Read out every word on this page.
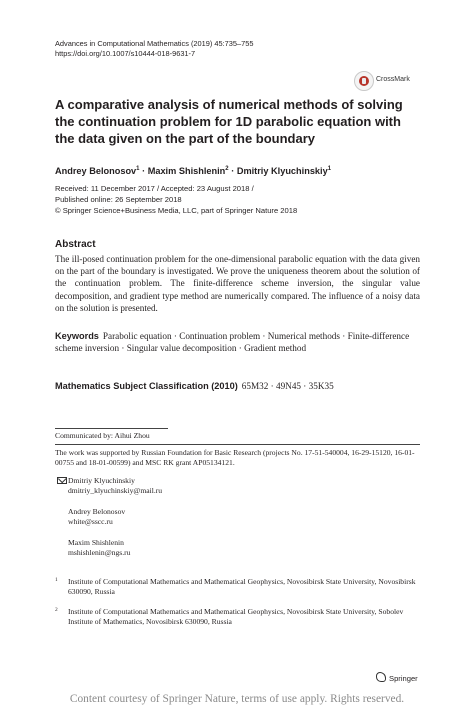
Advances in Computational Mathematics (2019) 45:735–755
https://doi.org/10.1007/s10444-018-9631-7
CrossMark
A comparative analysis of numerical methods of solving the continuation problem for 1D parabolic equation with the data given on the part of the boundary
Andrey Belonosov$^1$ · Maxim Shishlenin$^2$ · Dmitriy Klyuchinskiy$^1$
Received: 11 December 2017 / Accepted: 23 August 2018 /
Published online: 26 September 2018
© Springer Science+Business Media, LLC, part of Springer Nature 2018
Abstract
The ill-posed continuation problem for the one-dimensional parabolic equation with the data given on the part of the boundary is investigated. We prove the uniqueness theorem about the solution of the continuation problem. The finite-difference scheme inversion, the singular value decomposition, and gradient type method are numerically compared. The influence of a noisy data on the solution is presented.
Keywords Parabolic equation · Continuation problem · Numerical methods · Finite-difference scheme inversion · Singular value decomposition · Gradient method
Mathematics Subject Classification (2010) 65M32 · 49N45 · 35K35
Communicated by: Aihui Zhou
The work was supported by Russian Foundation for Basic Research (projects No. 17-51-540004, 16-29-15120, 16-01-00755 and 18-01-00599) and MSC RK grant AP05134121.
Dmitriy Klyuchinskiy
dmitriy_klyuchinskiy@mail.ru
Andrey Belonosov
white@sscc.ru
Maxim Shishlenin
mshishlenin@ngs.ru
1 Institute of Computational Mathematics and Mathematical Geophysics, Novosibirsk State University, Novosibirsk 630090, Russia
2 Institute of Computational Mathematics and Mathematical Geophysics, Novosibirsk State University, Sobolev Institute of Mathematics, Novosibirsk 630090, Russia
Springer
Content courtesy of Springer Nature, terms of use apply. Rights reserved.
